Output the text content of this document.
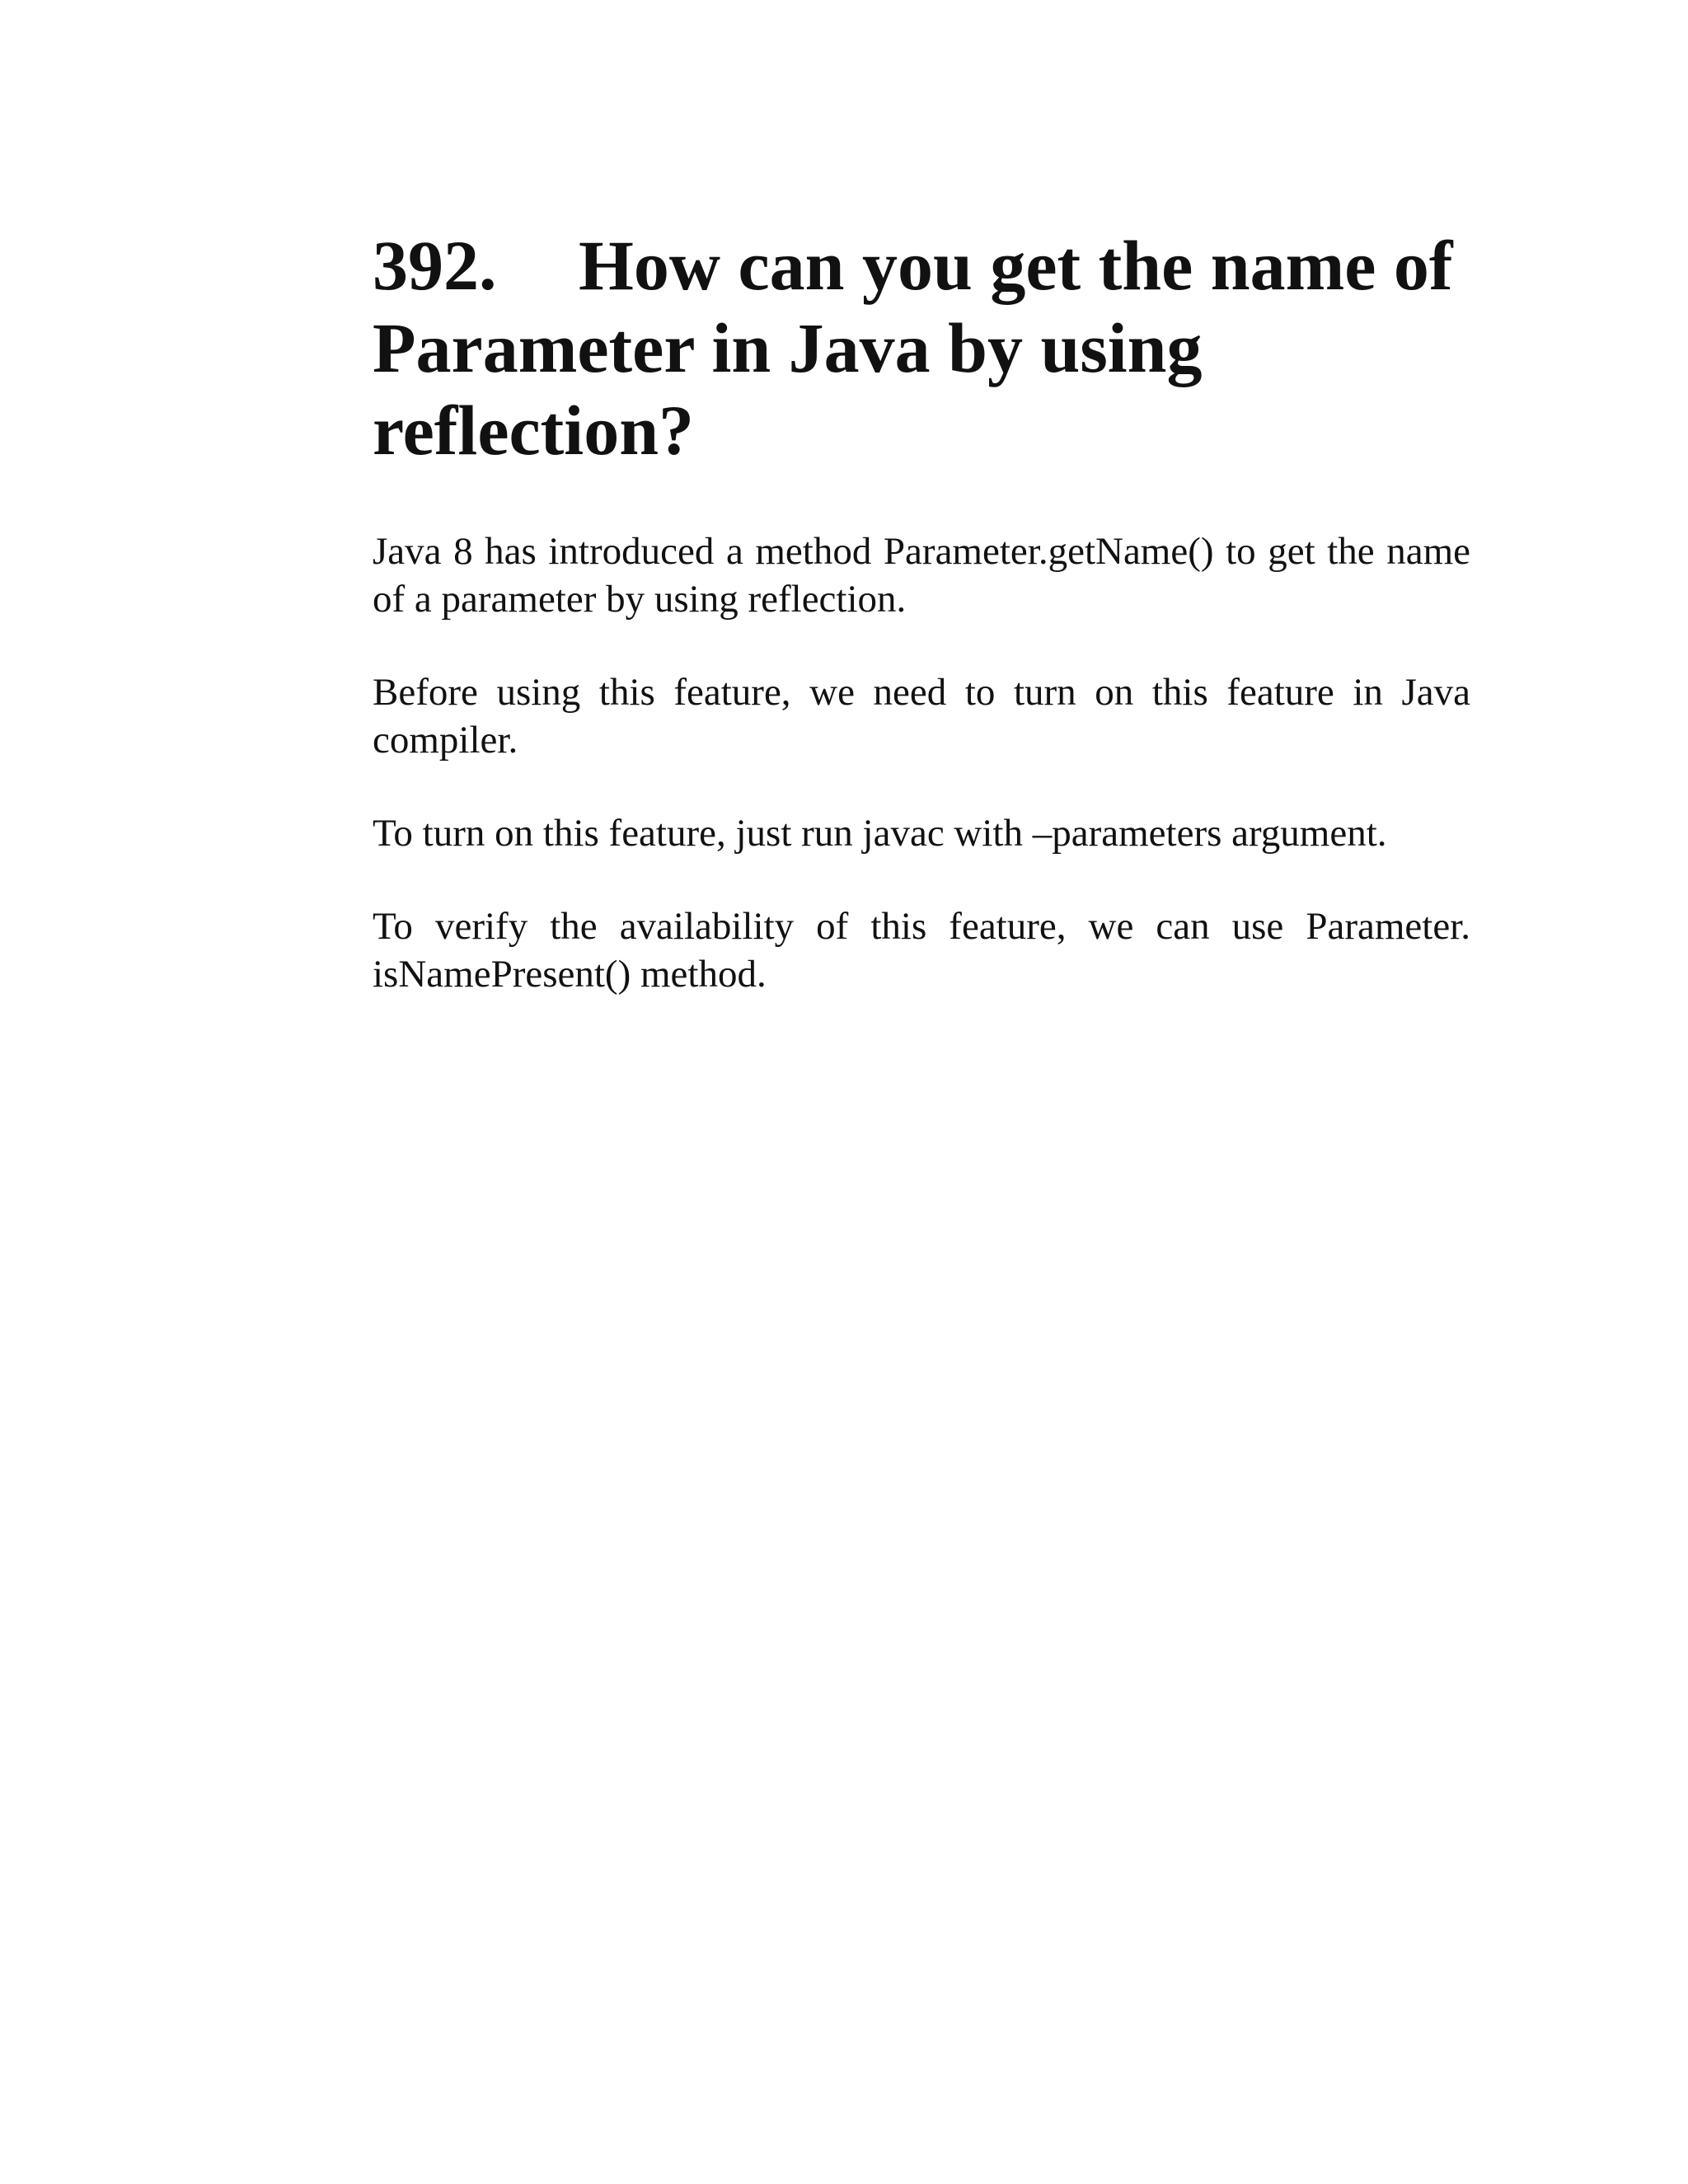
392. How can you get the name of Parameter in Java by using reflection?

Java 8 has introduced a method Parameter.getName() to get the name of a parameter by using reflection.

Before using this feature, we need to turn on this feature in Java compiler.

To turn on this feature, just run javac with –parameters argument.

To verify the availability of this feature, we can use Parameter. isNamePresent() method.
